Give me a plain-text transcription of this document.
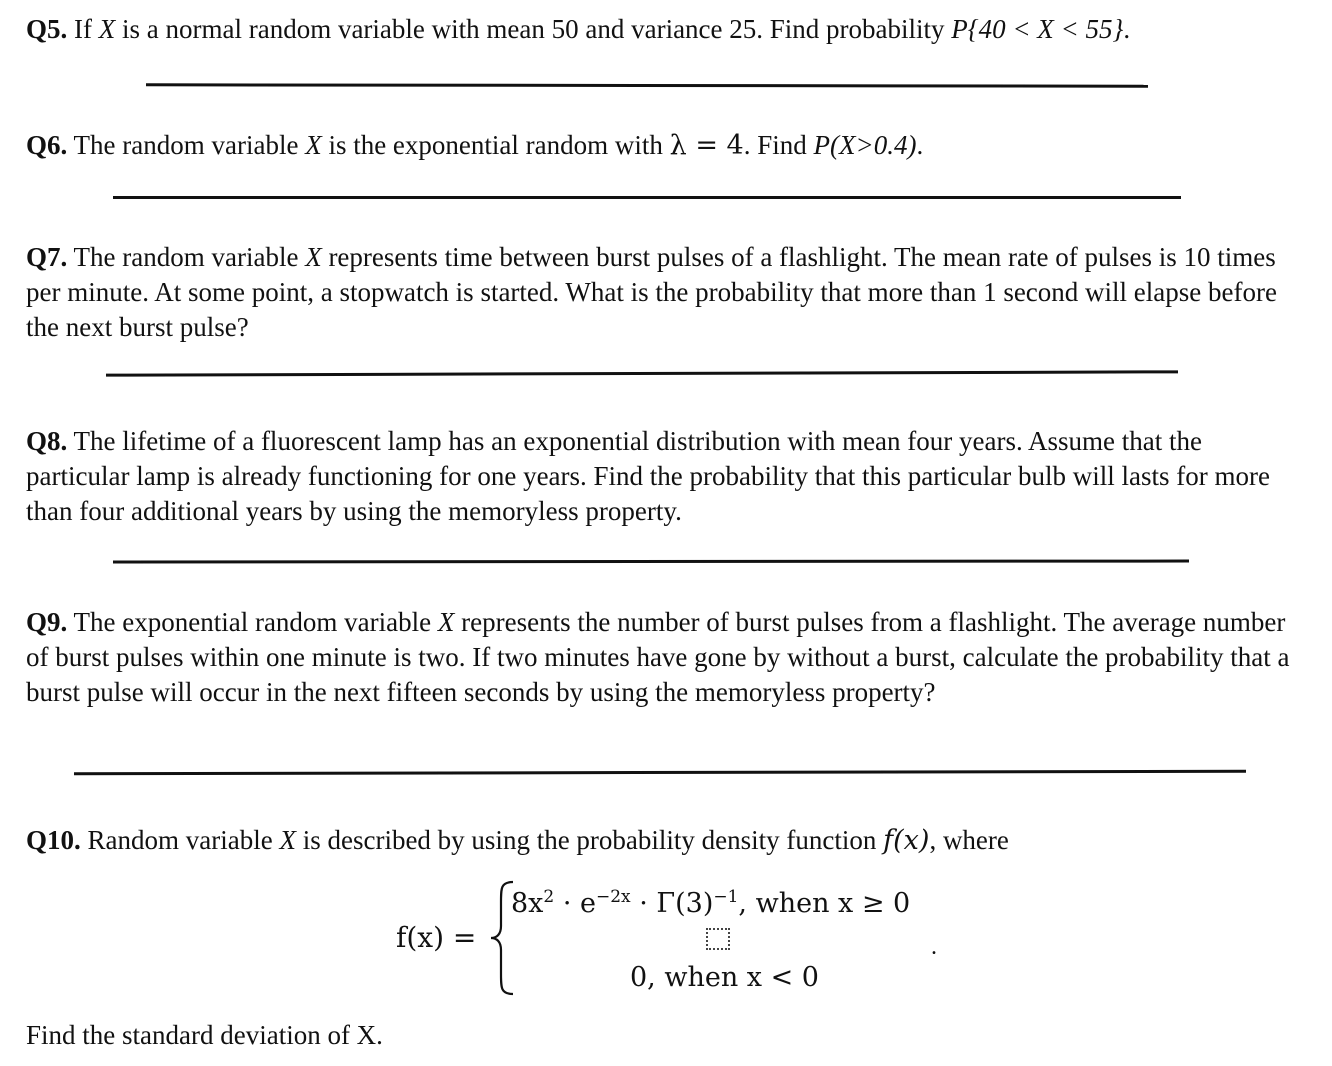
Q5. If X is a normal random variable with mean 50 and variance 25. Find probability P{40 < X < 55}.

Q6. The random variable X is the exponential random with λ = 4. Find P(X>0.4).

Q7. The random variable X represents time between burst pulses of a flashlight. The mean rate of pulses is 10 times per minute. At some point, a stopwatch is started. What is the probability that more than 1 second will elapse before the next burst pulse?

Q8. The lifetime of a fluorescent lamp has an exponential distribution with mean four years. Assume that the particular lamp is already functioning for one years. Find the probability that this particular bulb will lasts for more than four additional years by using the memoryless property.

Q9. The exponential random variable X represents the number of burst pulses from a flashlight. The average number of burst pulses within one minute is two. If two minutes have gone by without a burst, calculate the probability that a burst pulse will occur in the next fifteen seconds by using the memoryless property?

Q10. Random variable X is described by using the probability density function f(x), where

f(x) =
$8x^2 \cdot e^{-2x} \cdot \Gamma(3)^{-1}$, when x ≥ 0
0, when x < 0
.

Find the standard deviation of X.
